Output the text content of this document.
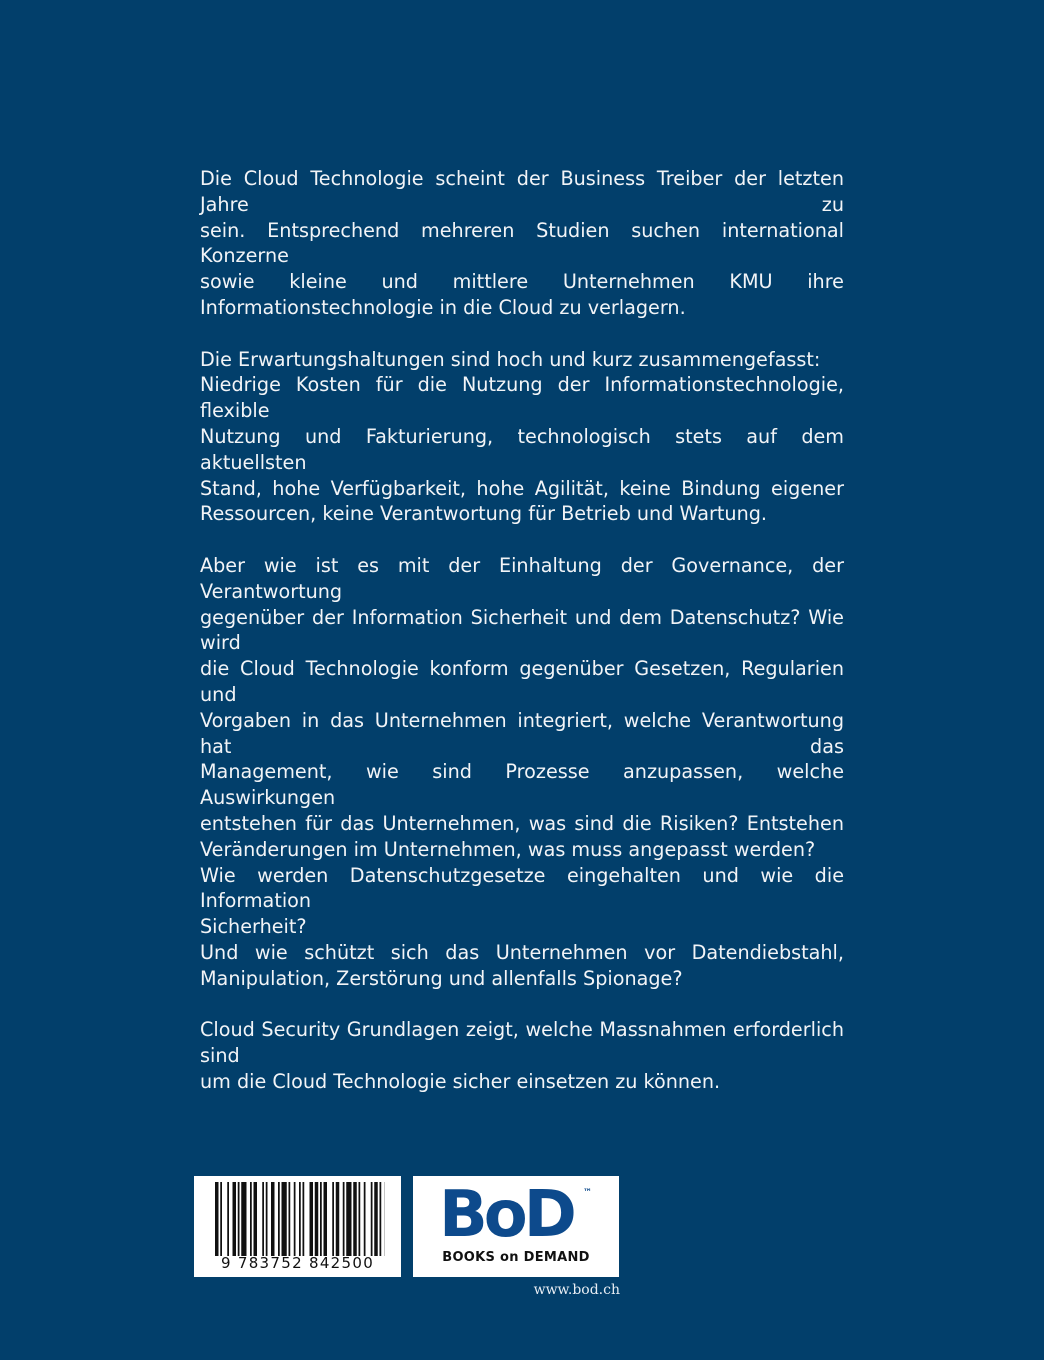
Die Cloud Technologie scheint der Business Treiber der letzten Jahre zu
sein. Entsprechend mehreren Studien suchen international Konzerne
sowie kleine und mittlere Unternehmen KMU ihre
Informationstechnologie in die Cloud zu verlagern.

Die Erwartungshaltungen sind hoch und kurz zusammengefasst:
Niedrige Kosten für die Nutzung der Informationstechnologie, flexible
Nutzung und Fakturierung, technologisch stets auf dem aktuellsten
Stand, hohe Verfügbarkeit, hohe Agilität, keine Bindung eigener
Ressourcen, keine Verantwortung für Betrieb und Wartung.

Aber wie ist es mit der Einhaltung der Governance, der Verantwortung
gegenüber der Information Sicherheit und dem Datenschutz? Wie wird
die Cloud Technologie konform gegenüber Gesetzen, Regularien und
Vorgaben in das Unternehmen integriert, welche Verantwortung hat das
Management, wie sind Prozesse anzupassen, welche Auswirkungen
entstehen für das Unternehmen, was sind die Risiken? Entstehen
Veränderungen im Unternehmen, was muss angepasst werden?
Wie werden Datenschutzgesetze eingehalten und wie die Information
Sicherheit?
Und wie schützt sich das Unternehmen vor Datendiebstahl,
Manipulation, Zerstörung und allenfalls Spionage?

Cloud Security Grundlagen zeigt, welche Massnahmen erforderlich sind
um die Cloud Technologie sicher einsetzen zu können.

9 783752 842500
BoD ™
BOOKS on DEMAND
www.bod.ch
